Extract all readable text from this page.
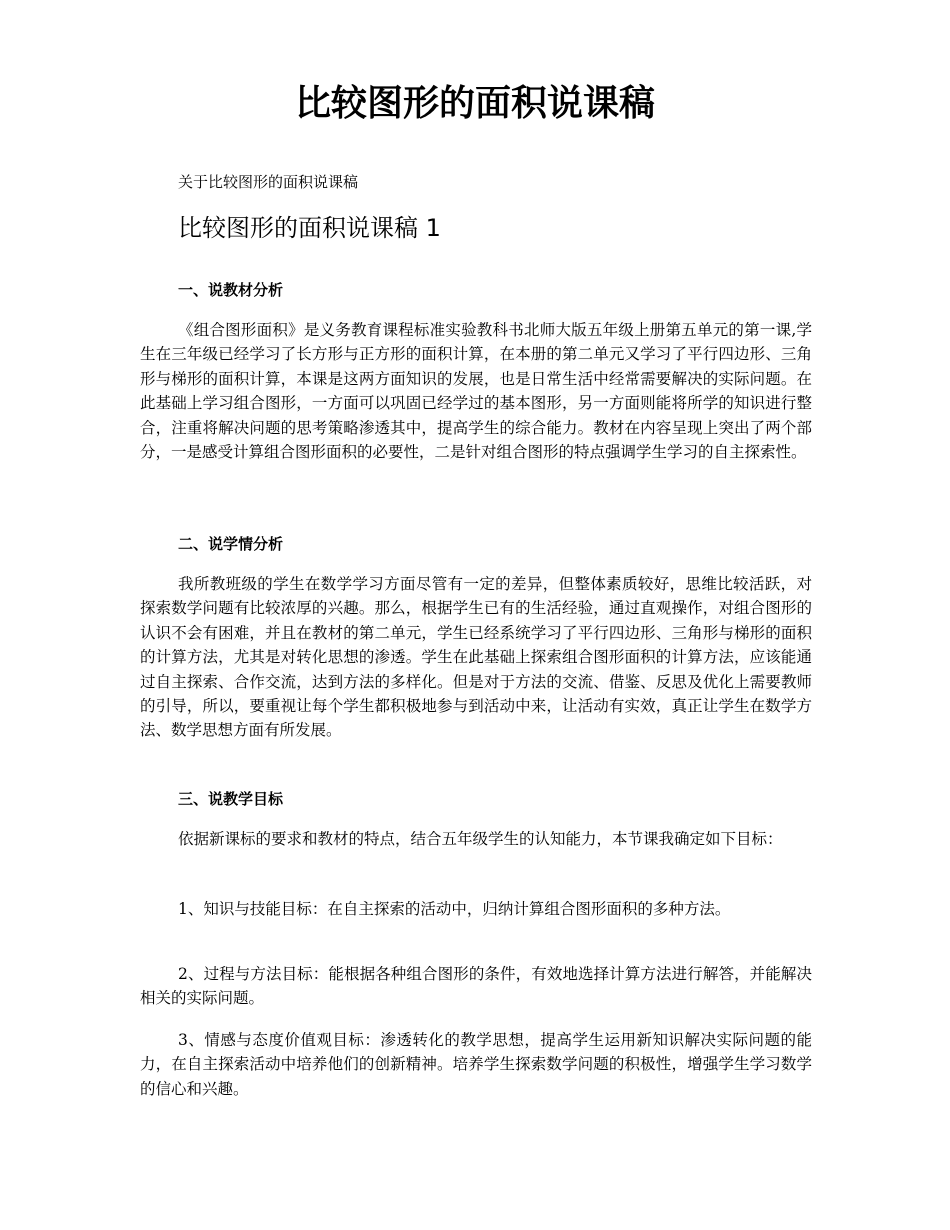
比较图形的面积说课稿
关于比较图形的面积说课稿
比较图形的面积说课稿 1
一、说教材分析

《组合图形面积》是义务教育课程标准实验教科书北师大版五年级上册第五单元的第一课,学生在三年级已经学习了长方形与正方形的面积计算，在本册的第二单元又学习了平行四边形、三角形与梯形的面积计算，本课是这两方面知识的发展，也是日常生活中经常需要解决的实际问题。在此基础上学习组合图形，一方面可以巩固已经学过的基本图形，另一方面则能将所学的知识进行整合，注重将解决问题的思考策略渗透其中，提高学生的综合能力。教材在内容呈现上突出了两个部分，一是感受计算组合图形面积的必要性，二是针对组合图形的特点强调学生学习的自主探索性。

二、说学情分析

我所教班级的学生在数学学习方面尽管有一定的差异，但整体素质较好，思维比较活跃，对探索数学问题有比较浓厚的兴趣。那么，根据学生已有的生活经验，通过直观操作，对组合图形的认识不会有困难，并且在教材的第二单元，学生已经系统学习了平行四边形、三角形与梯形的面积的计算方法，尤其是对转化思想的渗透。学生在此基础上探索组合图形面积的计算方法，应该能通过自主探索、合作交流，达到方法的多样化。但是对于方法的交流、借鉴、反思及优化上需要教师的引导，所以，要重视让每个学生都积极地参与到活动中来，让活动有实效，真正让学生在数学方法、数学思想方面有所发展。

三、说教学目标

依据新课标的要求和教材的特点，结合五年级学生的认知能力，本节课我确定如下目标：

1、知识与技能目标：在自主探索的活动中，归纳计算组合图形面积的多种方法。

2、过程与方法目标：能根据各种组合图形的条件，有效地选择计算方法进行解答，并能解决相关的实际问题。

3、情感与态度价值观目标：渗透转化的教学思想，提高学生运用新知识解决实际问题的能力，在自主探索活动中培养他们的创新精神。培养学生探索数学问题的积极性，增强学生学习数学的信心和兴趣。
